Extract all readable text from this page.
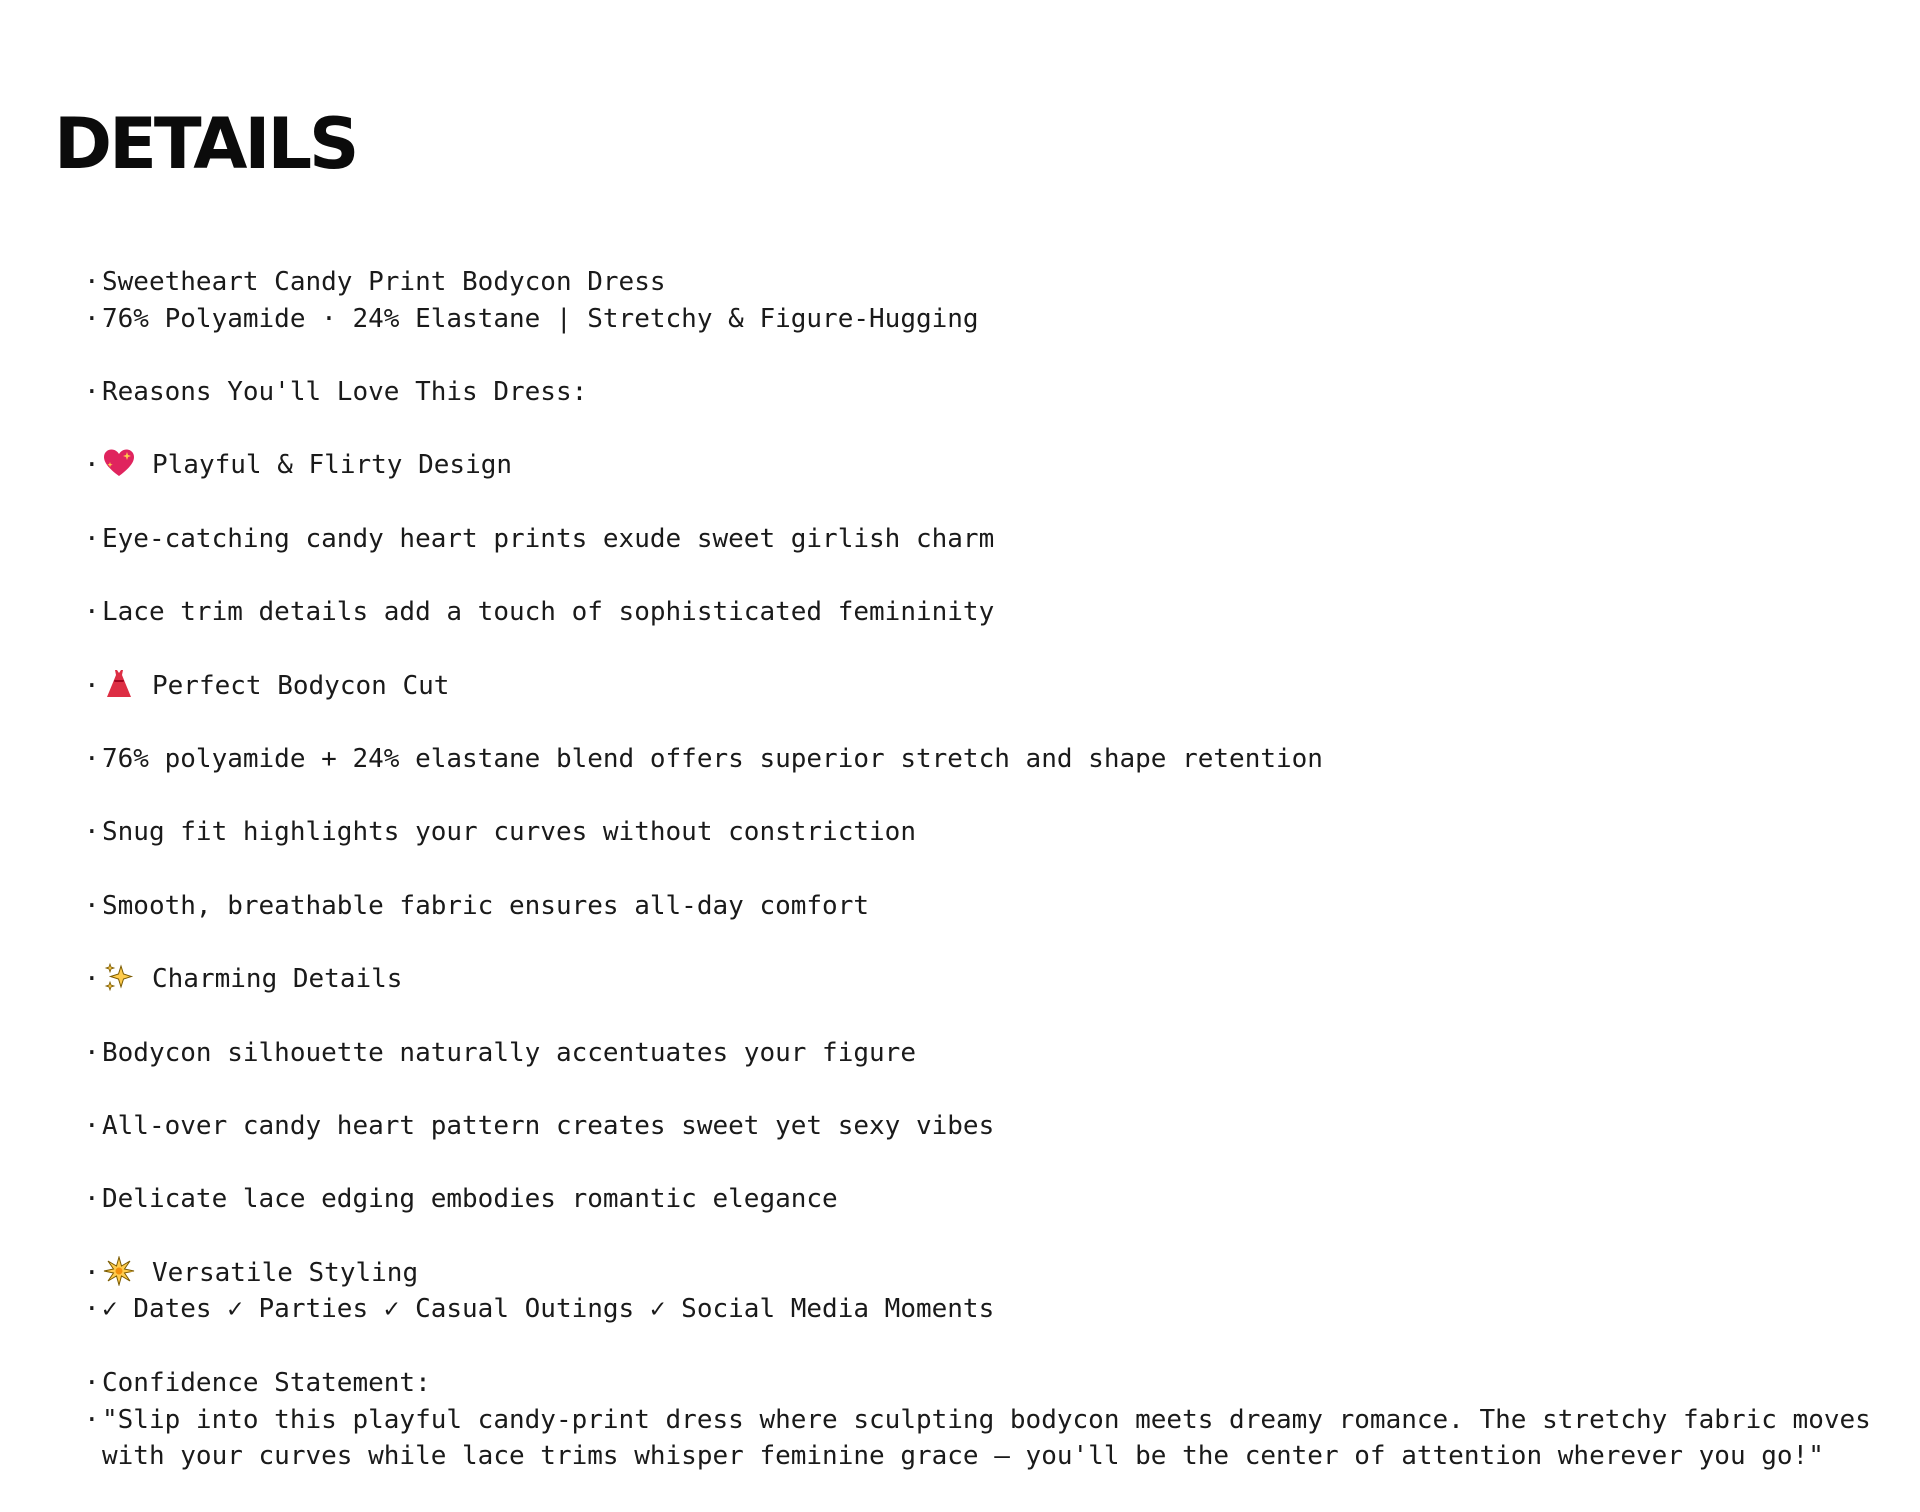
DETAILS
· Sweetheart Candy Print Bodycon Dress
· 76% Polyamide · 24% Elastane | Stretchy & Figure-Hugging
· Reasons You'll Love This Dress:
· Playful & Flirty Design
· Eye-catching candy heart prints exude sweet girlish charm
· Lace trim details add a touch of sophisticated femininity
· Perfect Bodycon Cut
· 76% polyamide + 24% elastane blend offers superior stretch and shape retention
· Snug fit highlights your curves without constriction
· Smooth, breathable fabric ensures all-day comfort
· Charming Details
· Bodycon silhouette naturally accentuates your figure
· All-over candy heart pattern creates sweet yet sexy vibes
· Delicate lace edging embodies romantic elegance
· Versatile Styling
· ✓ Dates ✓ Parties ✓ Casual Outings ✓ Social Media Moments
· Confidence Statement:
· "Slip into this playful candy-print dress where sculpting bodycon meets dreamy romance. The stretchy fabric moves with your curves while lace trims whisper feminine grace – you'll be the center of attention wherever you go!"
